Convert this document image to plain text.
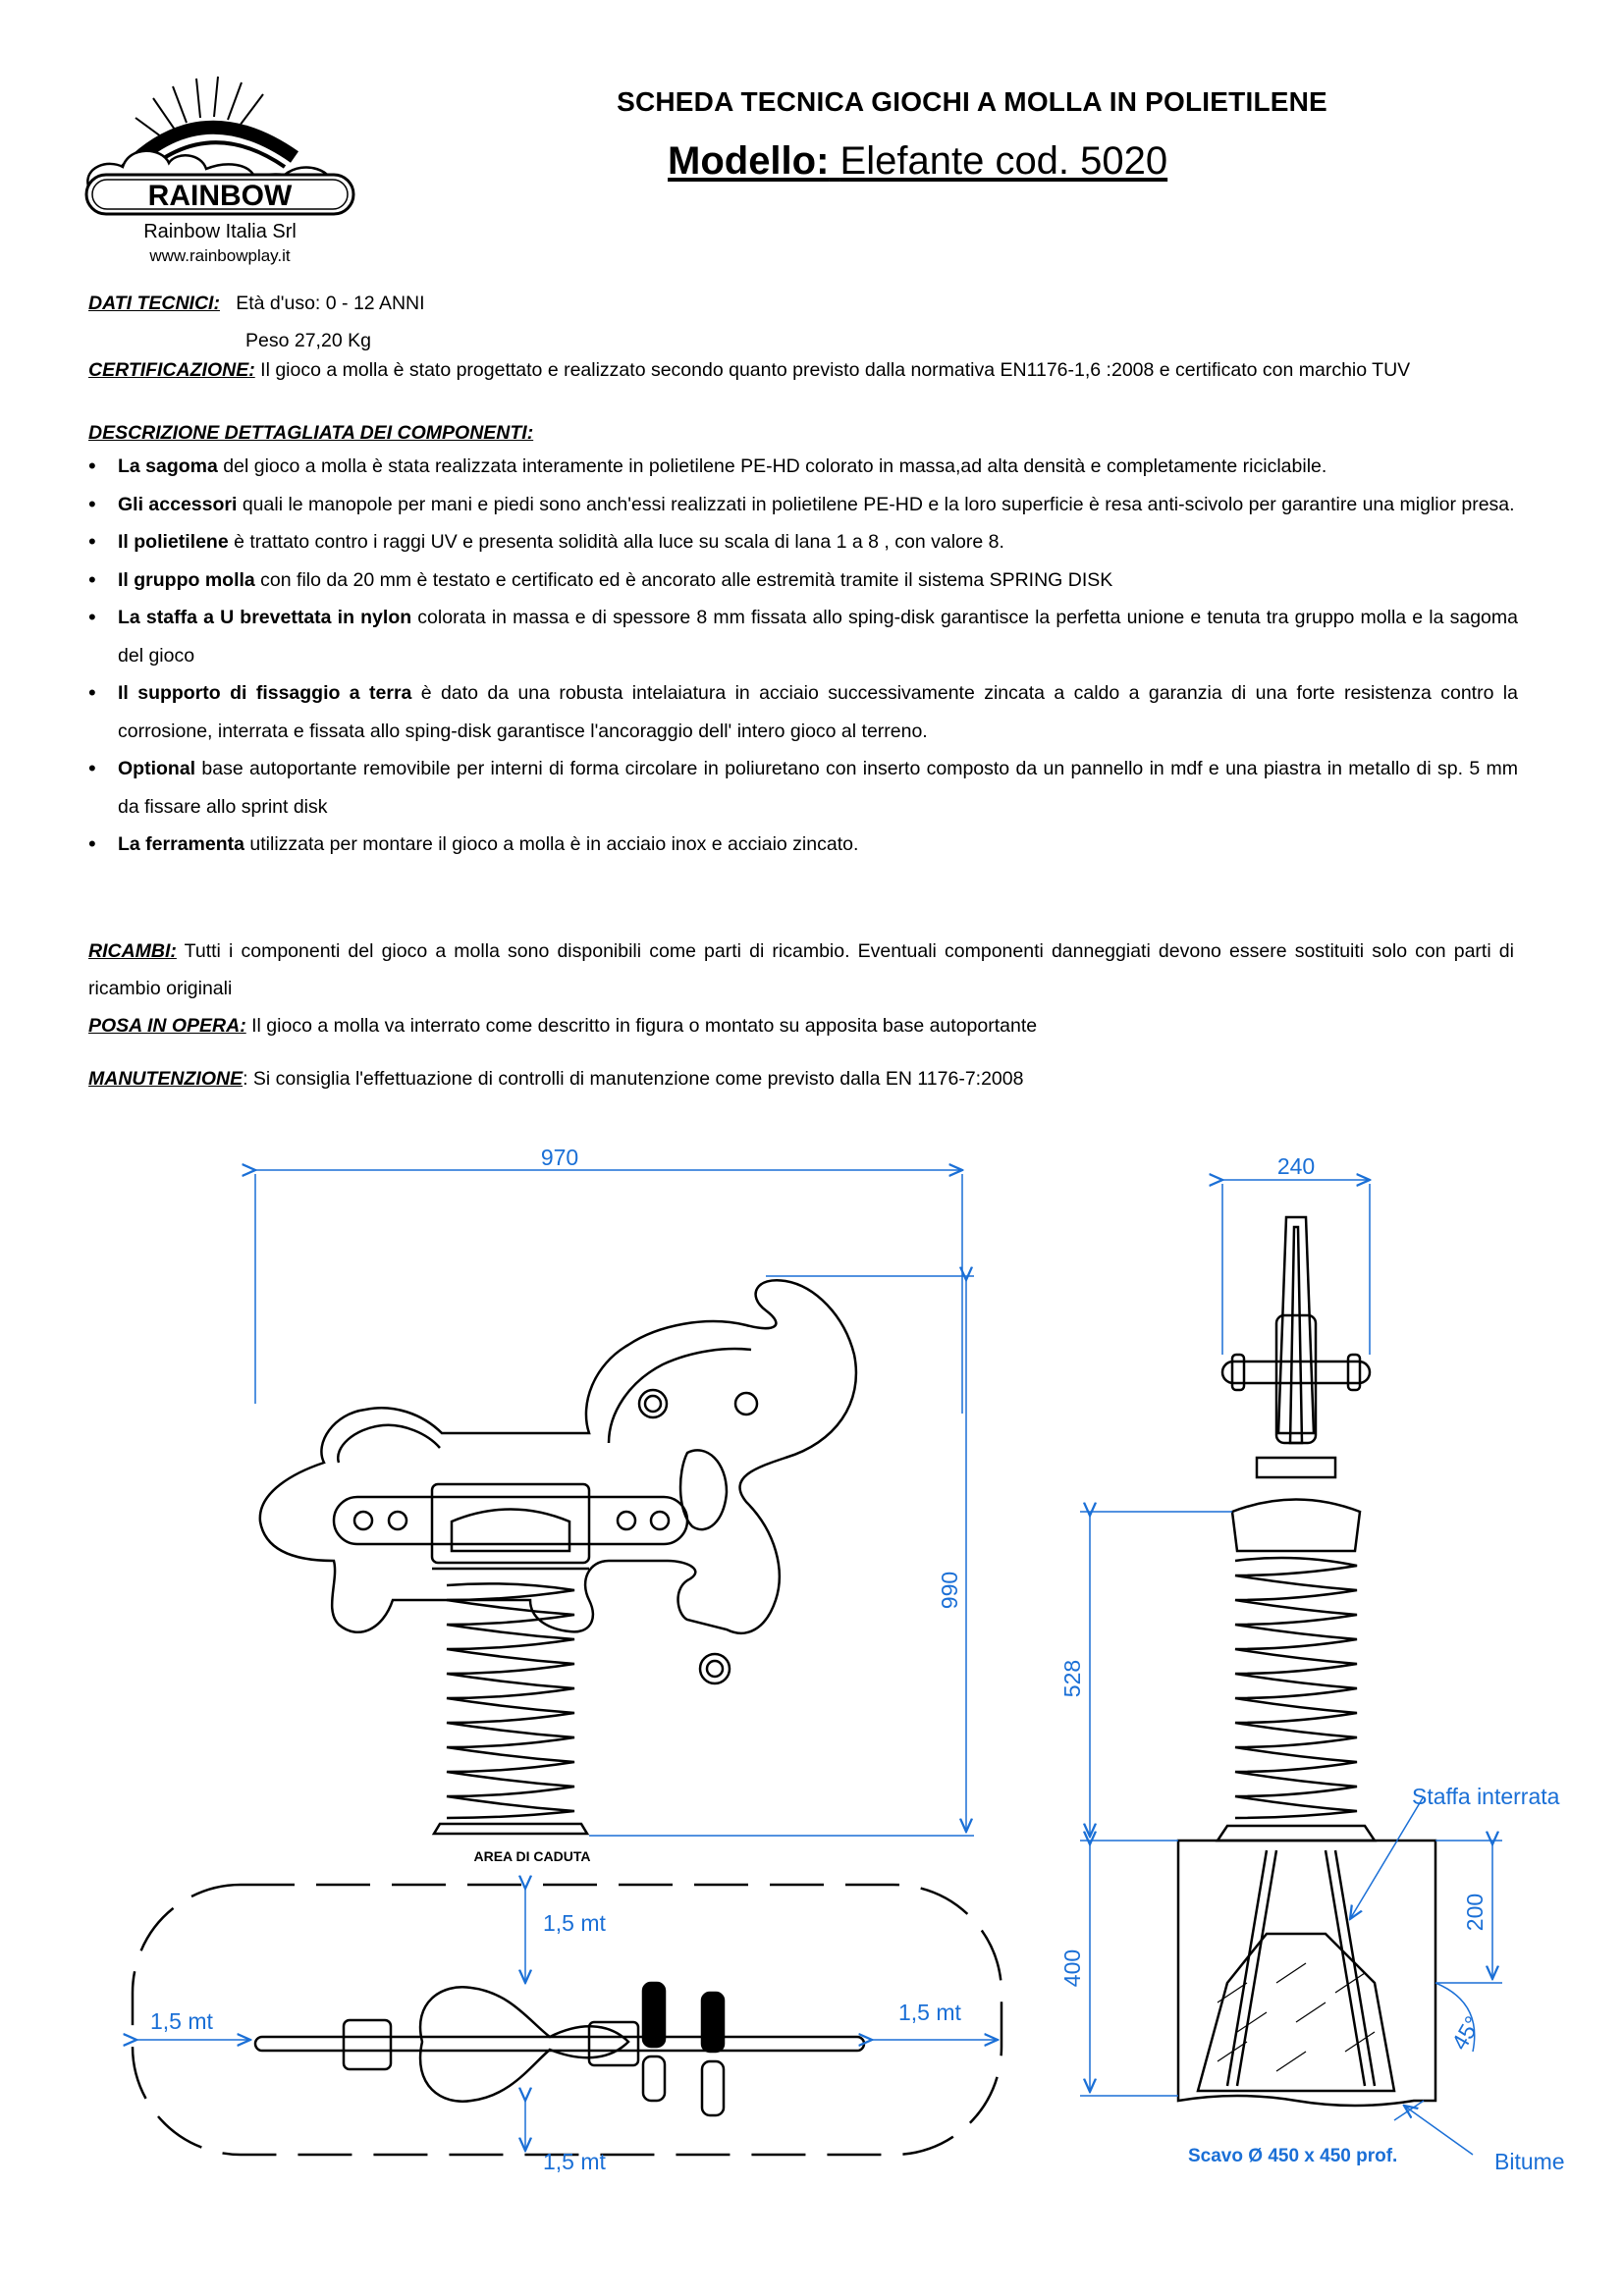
RAINBOW
Rainbow Italia Srl
www.rainbowplay.it
SCHEDA TECNICA GIOCHI A MOLLA IN POLIETILENE
Modello: Elefante cod. 5020
DATI TECNICI: Età d'uso: 0 - 12 ANNI
Peso 27,20 Kg
CERTIFICAZIONE: Il gioco a molla è stato progettato e realizzato secondo quanto previsto dalla normativa EN1176-1,6 :2008 e certificato con marchio TUV
DESCRIZIONE DETTAGLIATA DEI COMPONENTI:
• La sagoma del gioco a molla è stata realizzata interamente in polietilene PE-HD colorato in massa,ad alta densità e completamente riciclabile.
• Gli accessori quali le manopole per mani e piedi sono anch'essi realizzati in polietilene PE-HD e la loro superficie è resa anti-scivolo per garantire una miglior presa.
• Il polietilene è trattato contro i raggi UV e presenta solidità alla luce su scala di lana 1 a 8 , con valore 8.
• Il gruppo molla con filo da 20 mm è testato e certificato ed è ancorato alle estremità tramite il sistema SPRING DISK
• La staffa a U brevettata in nylon colorata in massa e di spessore 8 mm fissata allo sping-disk garantisce la perfetta unione e tenuta tra gruppo molla e la sagoma del gioco
• Il supporto di fissaggio a terra è dato da una robusta intelaiatura in acciaio successivamente zincata a caldo a garanzia di una forte resistenza contro la corrosione, interrata e fissata allo sping-disk garantisce l'ancoraggio dell' intero gioco al terreno.
• Optional base autoportante removibile per interni di forma circolare in poliuretano con inserto composto da un pannello in mdf e una piastra in metallo di sp. 5 mm da fissare allo sprint disk
• La ferramenta utilizzata per montare il gioco a molla è in acciaio inox e acciaio zincato.
RICAMBI: Tutti i componenti del gioco a molla sono disponibili come parti di ricambio. Eventuali componenti danneggiati devono essere sostituiti solo con parti di ricambio originali
POSA IN OPERA: Il gioco a molla va interrato come descritto in figura o montato su apposita base autoportante
MANUTENZIONE: Si consiglia l'effettuazione di controlli di manutenzione come previsto dalla EN 1176-7:2008
970
990
240
528
400
200
45°
Staffa interrata
Scavo Ø 450 x 450 prof.	Bitume
AREA DI CADUTA
1,5 mt
1,5 mt
1,5 mt	1,5 mt
